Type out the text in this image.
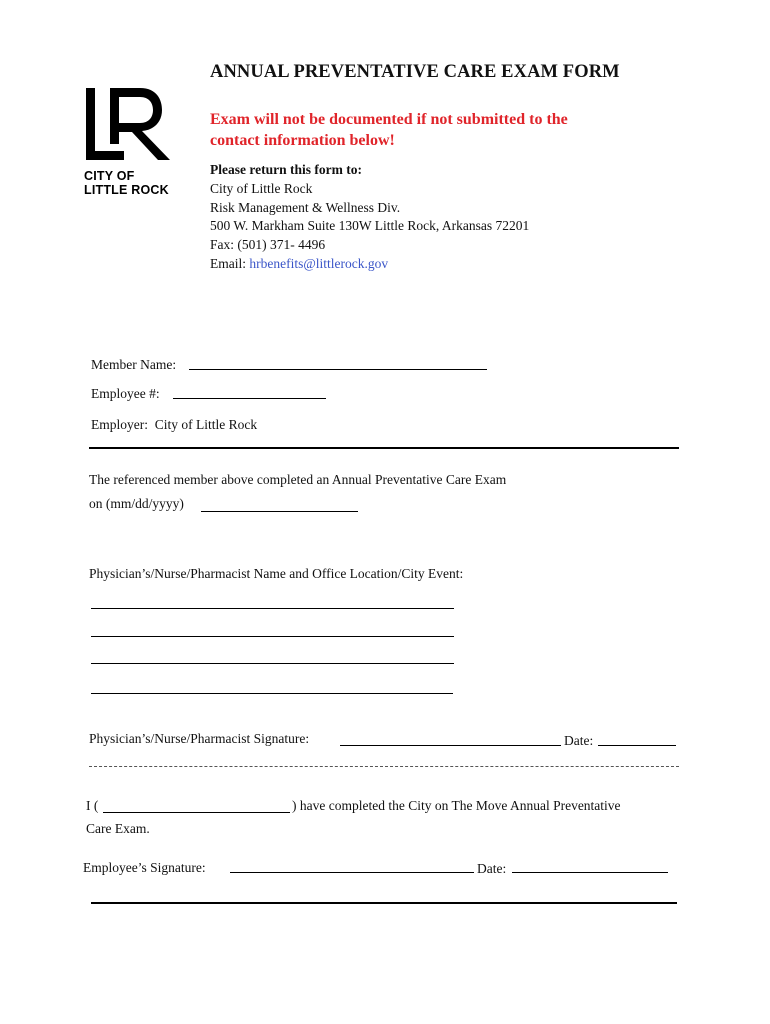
CITY OF
LITTLE ROCK
ANNUAL PREVENTATIVE CARE EXAM FORM
Exam will not be documented if not submitted to the
contact information below!
Please return this form to:
City of Little Rock
Risk Management & Wellness Div.
500 W. Markham Suite 130W Little Rock, Arkansas 72201
Fax: (501) 371- 4496
Email: hrbenefits@littlerock.gov
Member Name:
Employee #:
Employer: City of Little Rock
The referenced member above completed an Annual Preventative Care Exam
on (mm/dd/yyyy)
Physician’s/Nurse/Pharmacist Name and Office Location/City Event:
Physician’s/Nurse/Pharmacist Signature:	Date:
I (	) have completed the City on The Move Annual Preventative
Care Exam.
Employee’s Signature:	Date:
